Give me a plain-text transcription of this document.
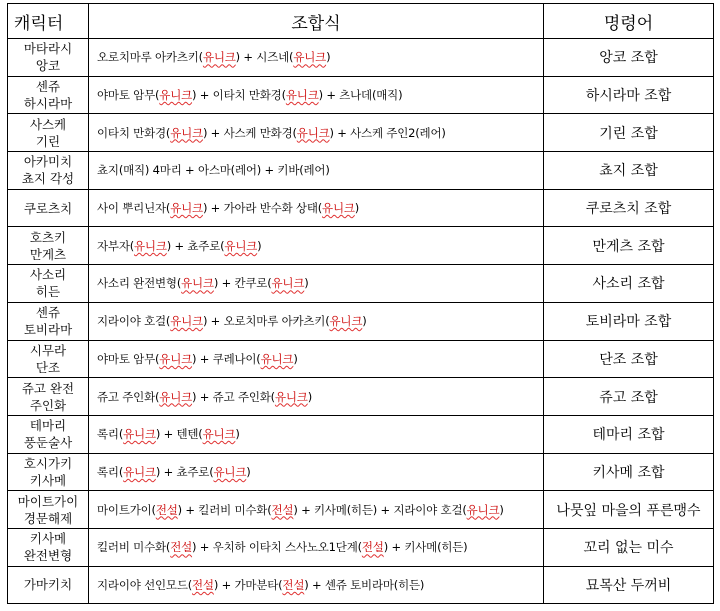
캐릭터	조합식	명령어

마타라시
앙코	오로치마루 아카츠키(유니크) + 시즈네(유니크)	앙코 조합

센쥬
하시라마	야마토 암무(유니크) + 이타치 만화경(유니크) + 츠나데(매직)	하시라마 조합

사스케
기린	이타치 만화경(유니크) + 사스케 만화경(유니크) + 사스케 주인2(레어)	기린 조합

아카미치
쵸지 각성	쵸지(매직) 4마리 + 아스마(레어) + 키바(레어)	쵸지 조합

쿠로츠치	사이 뿌리닌자(유니크) + 가아라 반수화 상태(유니크)	쿠로츠치 조합

호츠키
만게츠	자부자(유니크) + 쵸주로(유니크)	만게츠 조합

사소리
히든	사소리 완전변형(유니크) + 칸쿠로(유니크)	사소리 조합

센쥬
토비라마	지라이야 호걸(유니크) + 오로치마루 아카츠키(유니크)	토비라마 조합

시무라
단조	야마토 암무(유니크) + 쿠레나이(유니크)	단조 조합

쥬고 완전
주인화	쥬고 주인화(유니크) + 쥬고 주인화(유니크)	쥬고 조합

테마리
풍둔술사	록리(유니크) + 텐텐(유니크)	테마리 조합

호시가키
키사메	록리(유니크) + 쵸주로(유니크)	키사메 조합

마이트가이
경문해제	마이트가이(전설) + 킬러비 미수화(전설) + 키사메(히든) + 지라이야 호걸(유니크)	나뭇잎 마을의 푸른맹수

키사메
완전변형	킬러비 미수화(전설) + 우치하 이타치 스사노오1단계(전설) + 키사메(히든)	꼬리 없는 미수

가마키치	지라이야 선인모드(전설) + 가마분타(전설) + 센쥬 토비라마(히든)	묘목산 두꺼비
